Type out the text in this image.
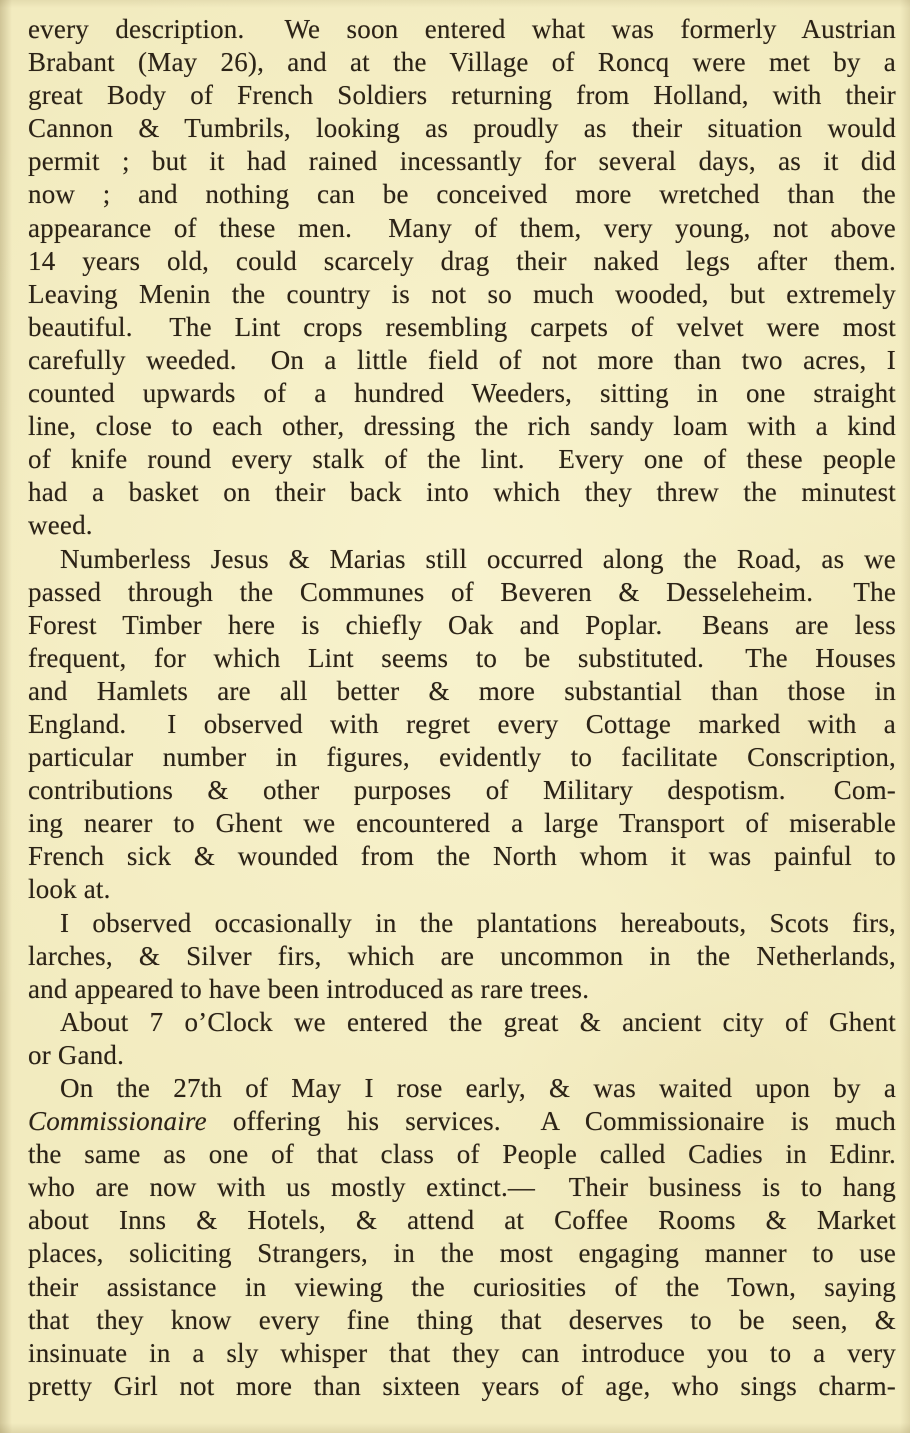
every description.  We soon entered what was formerly Austrian
Brabant (May 26), and at the Village of Roncq were met by a
great Body of French Soldiers returning from Holland, with their
Cannon & Tumbrils, looking as proudly as their situation would
permit ; but it had rained incessantly for several days, as it did
now ; and nothing can be conceived more wretched than the
appearance of these men.  Many of them, very young, not above
14 years old, could scarcely drag their naked legs after them.
Leaving Menin the country is not so much wooded, but extremely
beautiful.  The Lint crops resembling carpets of velvet were most
carefully weeded.  On a little field of not more than two acres, I
counted upwards of a hundred Weeders, sitting in one straight
line, close to each other, dressing the rich sandy loam with a kind
of knife round every stalk of the lint.  Every one of these people
had a basket on their back into which they threw the minutest
weed.
Numberless Jesus & Marias still occurred along the Road, as we
passed through the Communes of Beveren & Desseleheim.  The
Forest Timber here is chiefly Oak and Poplar.  Beans are less
frequent, for which Lint seems to be substituted.  The Houses
and Hamlets are all better & more substantial than those in
England.  I observed with regret every Cottage marked with a
particular number in figures, evidently to facilitate Conscription,
contributions & other purposes of Military despotism.  Com-
ing nearer to Ghent we encountered a large Transport of miserable
French sick & wounded from the North whom it was painful to
look at.
I observed occasionally in the plantations hereabouts, Scots firs,
larches, & Silver firs, which are uncommon in the Netherlands,
and appeared to have been introduced as rare trees.
About 7 o’Clock we entered the great & ancient city of Ghent
or Gand.
On the 27th of May I rose early, & was waited upon by a
Commissionaire offering his services.  A Commissionaire is much
the same as one of that class of People called Cadies in Edinr.
who are now with us mostly extinct.—  Their business is to hang
about Inns & Hotels, & attend at Coffee Rooms & Market
places, soliciting Strangers, in the most engaging manner to use
their assistance in viewing the curiosities of the Town, saying
that they know every fine thing that deserves to be seen, &
insinuate in a sly whisper that they can introduce you to a very
pretty Girl not more than sixteen years of age, who sings charm-
